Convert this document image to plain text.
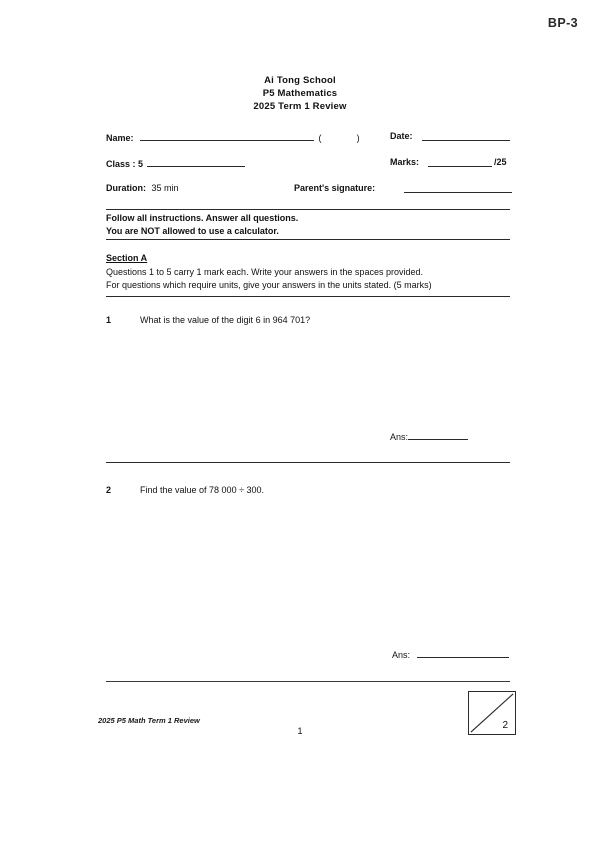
BP-3
Ai Tong School
P5 Mathematics
2025 Term 1 Review
Name:	(	)	Date:
Class : 5	Marks:	/25
Duration: 35 min	Parent's signature:
Follow all instructions. Answer all questions.
You are NOT allowed to use a calculator.
Section A
Questions 1 to 5 carry 1 mark each. Write your answers in the spaces provided.
For questions which require units, give your answers in the units stated. (5 marks)
1	What is the value of the digit 6 in 964 701?
Ans:
2	Find the value of 78 000 ÷ 300.
Ans:
2025 P5 Math Term 1 Review
1	2
